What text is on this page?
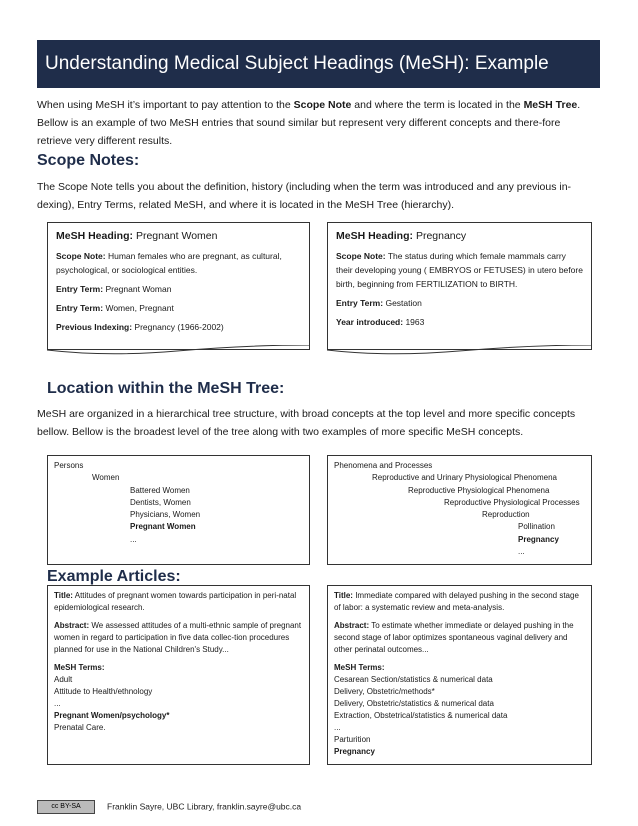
Understanding Medical Subject Headings (MeSH): Example
When using MeSH it’s important to pay attention to the Scope Note and where the term is located in the MeSH Tree. Bellow is an example of two MeSH entries that sound similar but represent very different concepts and there-fore retrieve very different results.
Scope Notes:
The Scope Note tells you about the definition, history (including when the term was introduced and any previous in-dexing), Entry Terms, related MeSH, and where it is located in the MeSH Tree (hierarchy).
MeSH Heading: Pregnant Women
Scope Note: Human females who are pregnant, as cultural, psychological, or sociological entities.
Entry Term: Pregnant Woman
Entry Term: Women, Pregnant
Previous Indexing: Pregnancy (1966-2002)
MeSH Heading: Pregnancy
Scope Note: The status during which female mammals carry their developing young ( EMBRYOS or FETUSES) in utero before birth, beginning from FERTILIZATION to BIRTH.
Entry Term: Gestation
Year introduced: 1963
Location within the MeSH Tree:
MeSH are organized in a hierarchical tree structure, with broad concepts at the top level and more specific concepts bellow. Bellow is the broadest level of the tree along with two examples of more specific MeSH concepts.
Persons
Women
Battered Women
Dentists, Women
Physicians, Women
Pregnant Women
...
Phenomena and Processes
Reproductive and Urinary Physiological Phenomena
Reproductive Physiological Phenomena
Reproductive Physiological Processes
Reproduction
Pollination
Pregnancy
...
Example Articles:
Title: Attitudes of pregnant women towards participation in peri-natal epidemiological research.
Abstract: We assessed attitudes of a multi-ethnic sample of pregnant women in regard to participation in five data collec-tion procedures planned for use in the National Children's Study...
MeSH Terms:
Adult
Attitude to Health/ethnology
...
Pregnant Women/psychology*
Prenatal Care.
Title: Immediate compared with delayed pushing in the second stage of labor: a systematic review and meta-analysis.
Abstract: To estimate whether immediate or delayed pushing in the second stage of labor optimizes spontaneous vaginal delivery and other perinatal outcomes...
MeSH Terms:
Cesarean Section/statistics & numerical data
Delivery, Obstetric/methods*
Delivery, Obstetric/statistics & numerical data
Extraction, Obstetrical/statistics & numerical data
...
Parturition
Pregnancy
cc BY-SA	Franklin Sayre, UBC Library, franklin.sayre@ubc.ca
